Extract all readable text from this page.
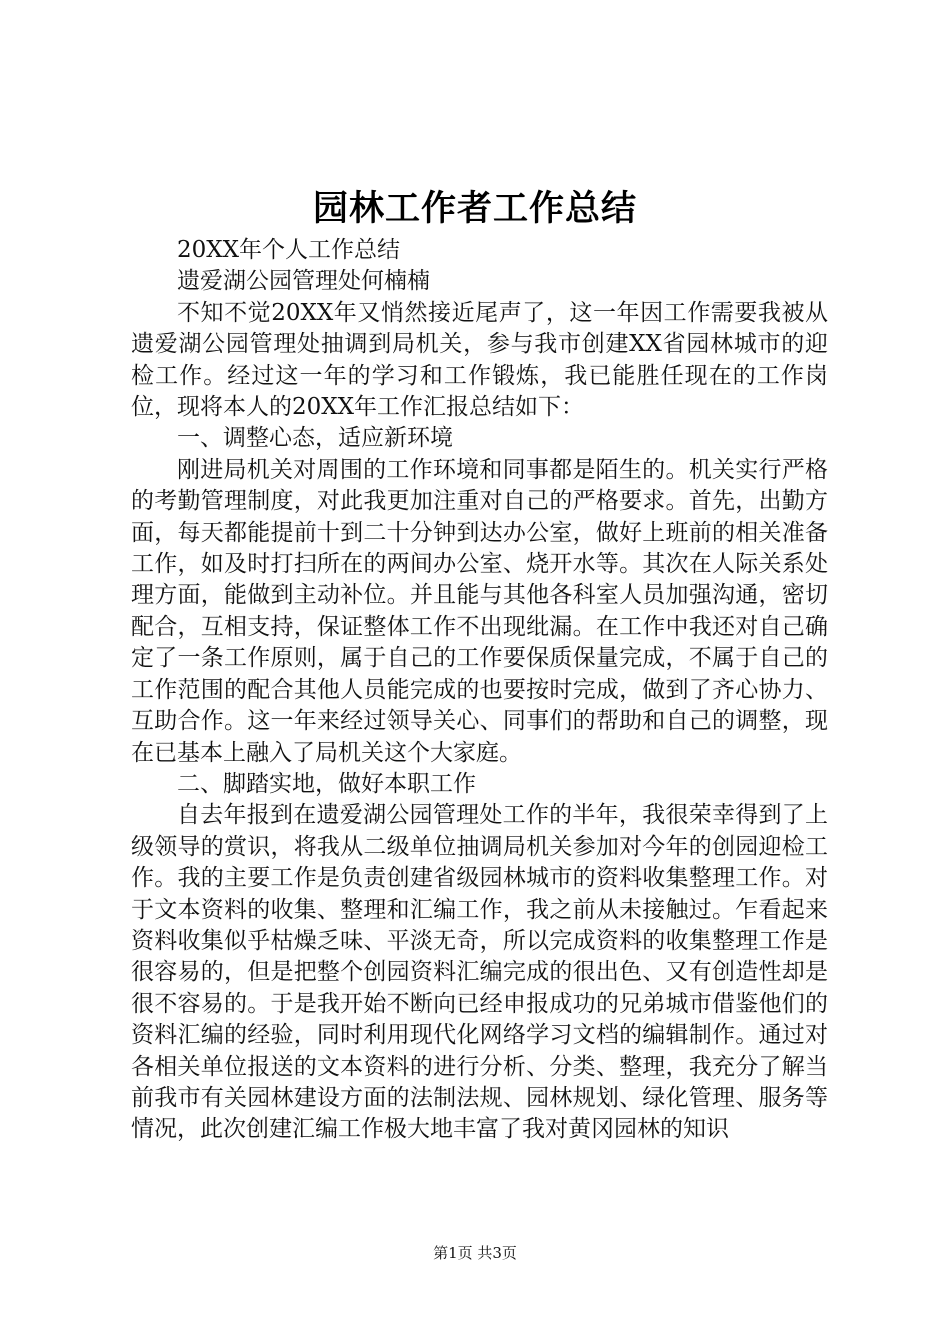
园林工作者工作总结

20XX年个人工作总结

遗爱湖公园管理处何楠楠

不知不觉20XX年又悄然接近尾声了，这一年因工作需要我被从遗爱湖公园管理处抽调到局机关，参与我市创建XX省园林城市的迎检工作。经过这一年的学习和工作锻炼，我已能胜任现在的工作岗位，现将本人的20XX年工作汇报总结如下：

一、调整心态，适应新环境

刚进局机关对周围的工作环境和同事都是陌生的。机关实行严格的考勤管理制度，对此我更加注重对自己的严格要求。首先，出勤方面，每天都能提前十到二十分钟到达办公室，做好上班前的相关准备工作，如及时打扫所在的两间办公室、烧开水等。其次在人际关系处理方面，能做到主动补位。并且能与其他各科室人员加强沟通，密切配合，互相支持，保证整体工作不出现纰漏。在工作中我还对自己确定了一条工作原则，属于自己的工作要保质保量完成，不属于自己的工作范围的配合其他人员能完成的也要按时完成，做到了齐心协力、互助合作。这一年来经过领导关心、同事们的帮助和自己的调整，现在已基本上融入了局机关这个大家庭。

二、脚踏实地，做好本职工作

自去年报到在遗爱湖公园管理处工作的半年，我很荣幸得到了上级领导的赏识，将我从二级单位抽调局机关参加对今年的创园迎检工作。我的主要工作是负责创建省级园林城市的资料收集整理工作。对于文本资料的收集、整理和汇编工作，我之前从未接触过。乍看起来资料收集似乎枯燥乏味、平淡无奇，所以完成资料的收集整理工作是很容易的，但是把整个创园资料汇编完成的很出色、又有创造性却是很不容易的。于是我开始不断向已经申报成功的兄弟城市借鉴他们的资料汇编的经验，同时利用现代化网络学习文档的编辑制作。通过对各相关单位报送的文本资料的进行分析、分类、整理，我充分了解当前我市有关园林建设方面的法制法规、园林规划、绿化管理、服务等情况，此次创建汇编工作极大地丰富了我对黄冈园林的知识

第1页 共3页
